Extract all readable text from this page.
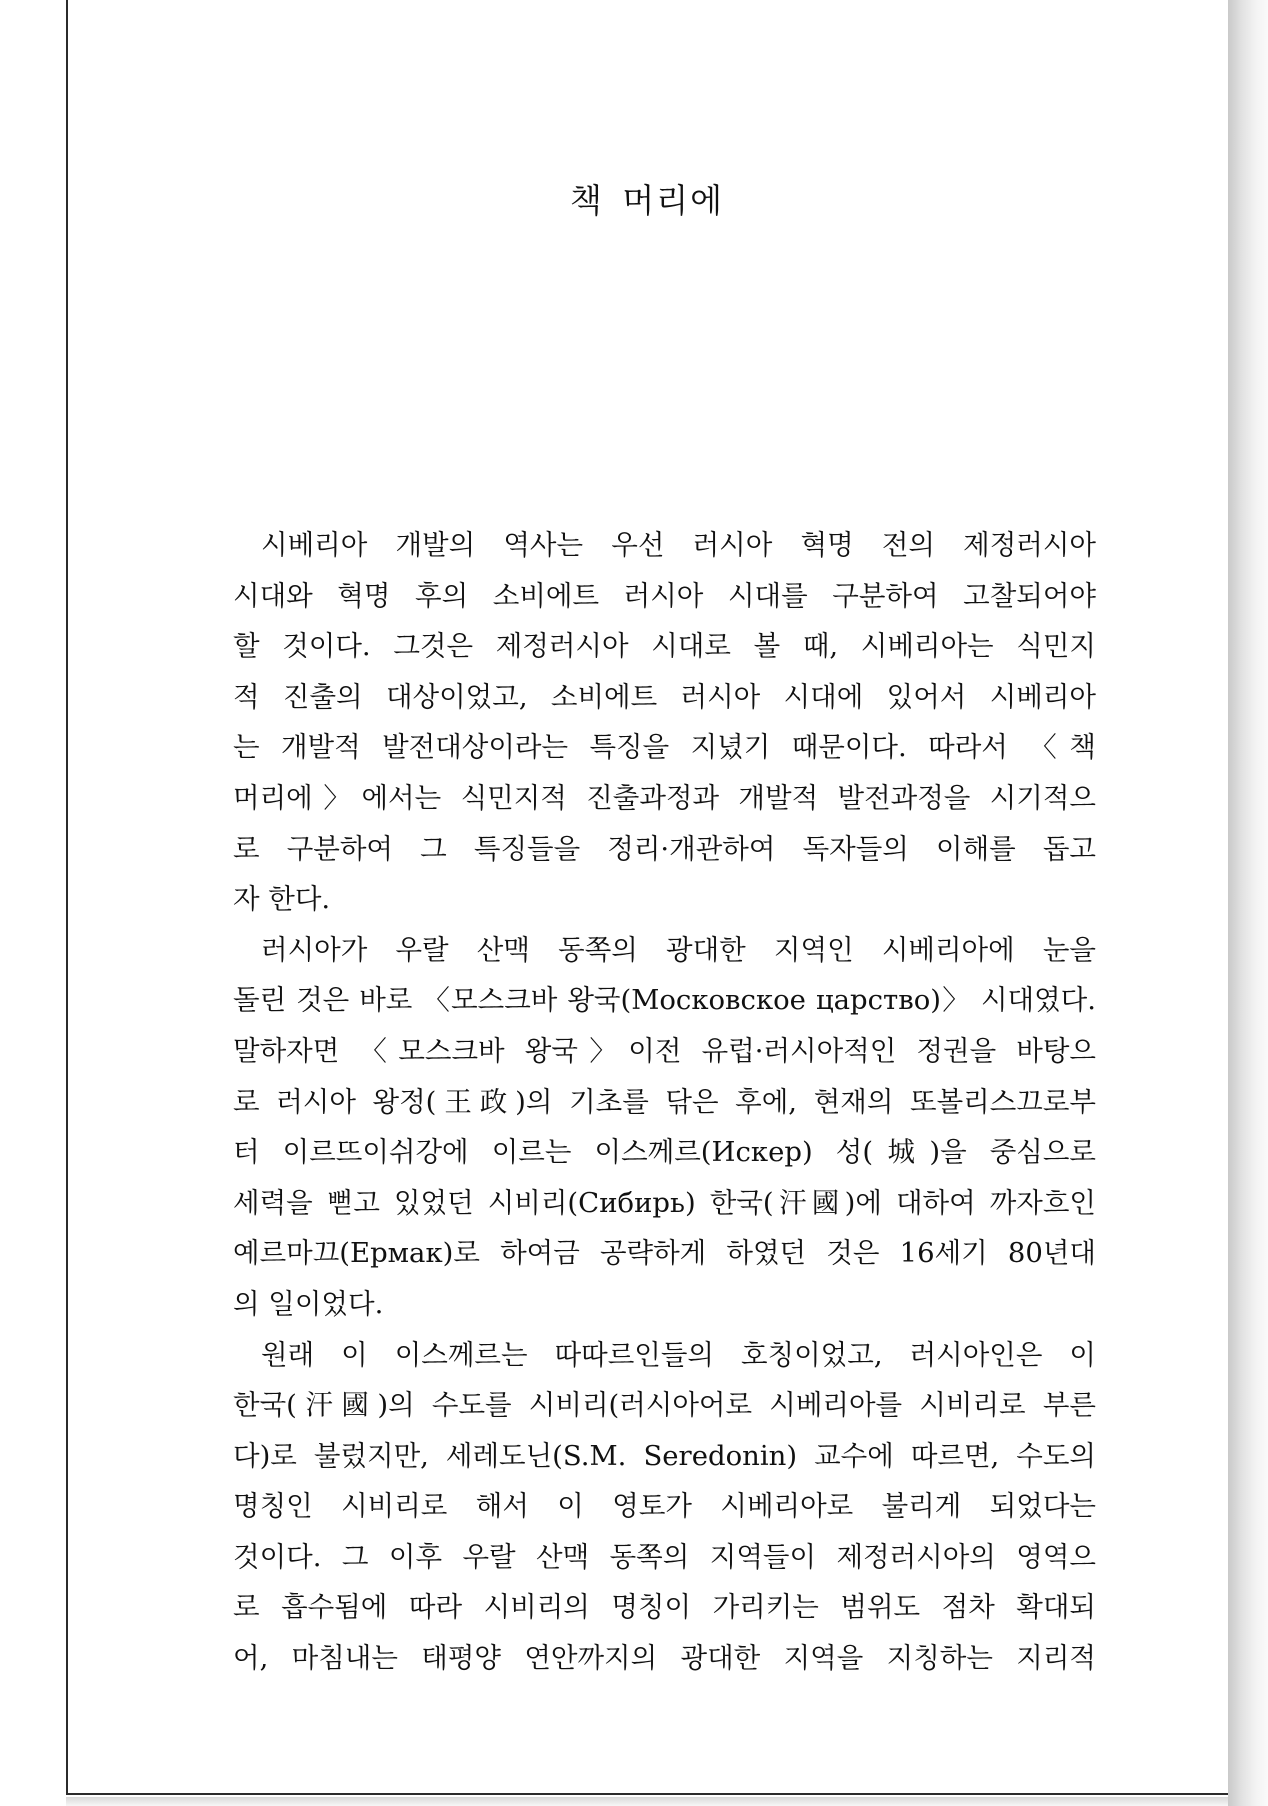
책 머리에
시베리아 개발의 역사는 우선 러시아 혁명 전의 제정러시아
시대와 혁명 후의 소비에트 러시아 시대를 구분하여 고찰되어야
할 것이다. 그것은 제정러시아 시대로 볼 때, 시베리아는 식민지
적 진출의 대상이었고, 소비에트 러시아 시대에 있어서 시베리아
는 개발적 발전대상이라는 특징을 지녔기 때문이다. 따라서 〈책
머리에〉에서는 식민지적 진출과정과 개발적 발전과정을 시기적으
로 구분하여 그 특징들을 정리·개관하여 독자들의 이해를 돕고
자 한다.
러시아가 우랄 산맥 동쪽의 광대한 지역인 시베리아에 눈을
돌린 것은 바로 〈모스크바 왕국(Московское царство)〉 시대였다.
말하자면 〈모스크바 왕국〉이전 유럽·러시아적인 정권을 바탕으
로 러시아 왕정(王政)의 기초를 닦은 후에, 현재의 또볼리스끄로부
터 이르뜨이쉬강에 이르는 이스께르(Искер) 성(城)을 중심으로
세력을 뻗고 있었던 시비리(Сибирь) 한국(汗國)에 대하여 까자흐인
예르마끄(Ермак)로 하여금 공략하게 하였던 것은 16세기 80년대
의 일이었다.
원래 이 이스께르는 따따르인들의 호칭이었고, 러시아인은 이
한국(汗國)의 수도를 시비리(러시아어로 시베리아를 시비리로 부른
다)로 불렀지만, 세레도닌(S.M. Seredonin) 교수에 따르면, 수도의
명칭인 시비리로 해서 이 영토가 시베리아로 불리게 되었다는
것이다. 그 이후 우랄 산맥 동쪽의 지역들이 제정러시아의 영역으
로 흡수됨에 따라 시비리의 명칭이 가리키는 범위도 점차 확대되
어, 마침내는 태평양 연안까지의 광대한 지역을 지칭하는 지리적
